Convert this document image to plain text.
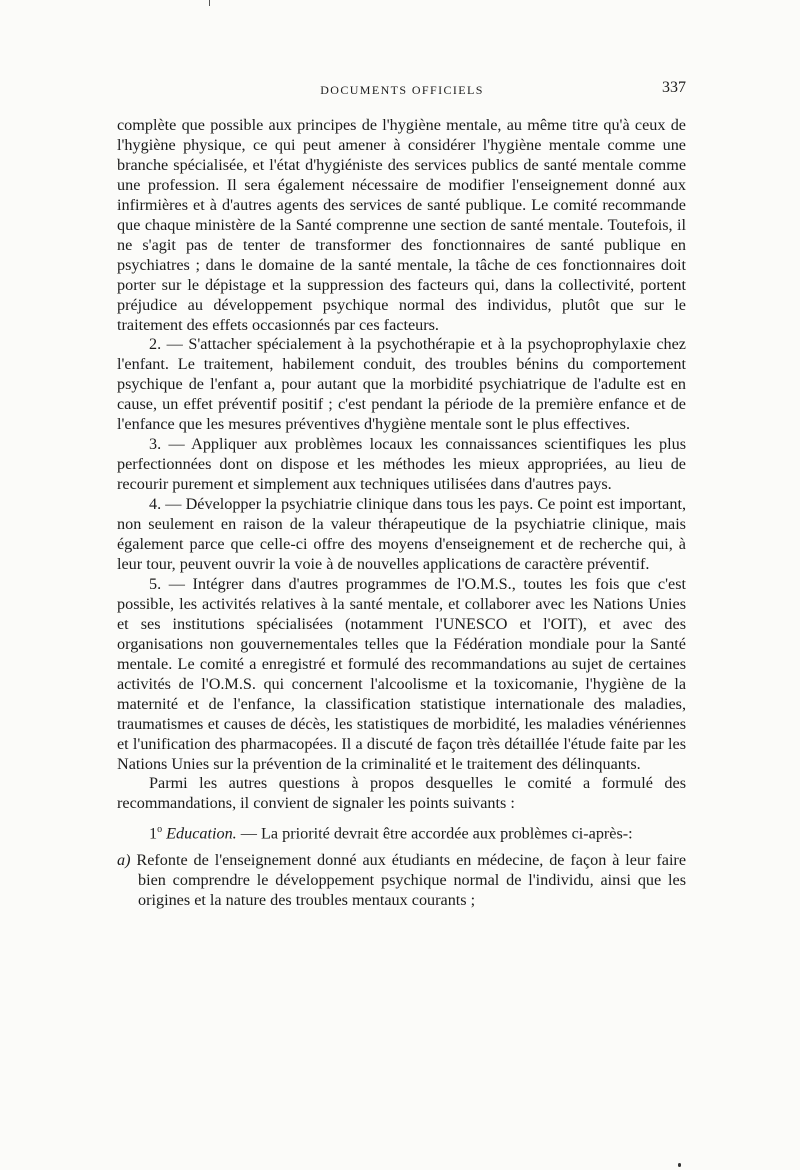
DOCUMENTS OFFICIELS	337

complète que possible aux principes de l'hygiène mentale, au même titre qu'à ceux de l'hygiène physique, ce qui peut amener à considérer l'hygiène mentale comme une branche spécialisée, et l'état d'hygiéniste des services publics de santé mentale comme une profession. Il sera également nécessaire de modifier l'enseignement donné aux infirmières et à d'autres agents des services de santé publique. Le comité recommande que chaque ministère de la Santé comprenne une section de santé mentale. Toutefois, il ne s'agit pas de tenter de transformer des fonctionnaires de santé publique en psychiatres ; dans le domaine de la santé mentale, la tâche de ces fonctionnaires doit porter sur le dépistage et la suppression des facteurs qui, dans la collectivité, portent préjudice au développement psychique normal des individus, plutôt que sur le traitement des effets occasionnés par ces facteurs.

2. — S'attacher spécialement à la psychothérapie et à la psychoprophylaxie chez l'enfant. Le traitement, habilement conduit, des troubles bénins du comportement psychique de l'enfant a, pour autant que la morbidité psychiatrique de l'adulte est en cause, un effet préventif positif ; c'est pendant la période de la première enfance et de l'enfance que les mesures préventives d'hygiène mentale sont le plus effectives.

3. — Appliquer aux problèmes locaux les connaissances scientifiques les plus perfectionnées dont on dispose et les méthodes les mieux appropriées, au lieu de recourir purement et simplement aux techniques utilisées dans d'autres pays.

4. — Développer la psychiatrie clinique dans tous les pays. Ce point est important, non seulement en raison de la valeur thérapeutique de la psychiatrie clinique, mais également parce que celle-ci offre des moyens d'enseignement et de recherche qui, à leur tour, peuvent ouvrir la voie à de nouvelles applications de caractère préventif.

5. — Intégrer dans d'autres programmes de l'O.M.S., toutes les fois que c'est possible, les activités relatives à la santé mentale, et collaborer avec les Nations Unies et ses institutions spécialisées (notamment l'UNESCO et l'OIT), et avec des organisations non gouvernementales telles que la Fédération mondiale pour la Santé mentale. Le comité a enregistré et formulé des recommandations au sujet de certaines activités de l'O.M.S. qui concernent l'alcoolisme et la toxicomanie, l'hygiène de la maternité et de l'enfance, la classification statistique internationale des maladies, traumatismes et causes de décès, les statistiques de morbidité, les maladies vénériennes et l'unification des pharmacopées. Il a discuté de façon très détaillée l'étude faite par les Nations Unies sur la prévention de la criminalité et le traitement des délinquants.

Parmi les autres questions à propos desquelles le comité a formulé des recommandations, il convient de signaler les points suivants :

1$^o$ Education. — La priorité devrait être accordée aux problèmes ci-après-:

a) Refonte de l'enseignement donné aux étudiants en médecine, de façon à leur faire bien comprendre le développement psychique normal de l'individu, ainsi que les origines et la nature des troubles mentaux courants ;
